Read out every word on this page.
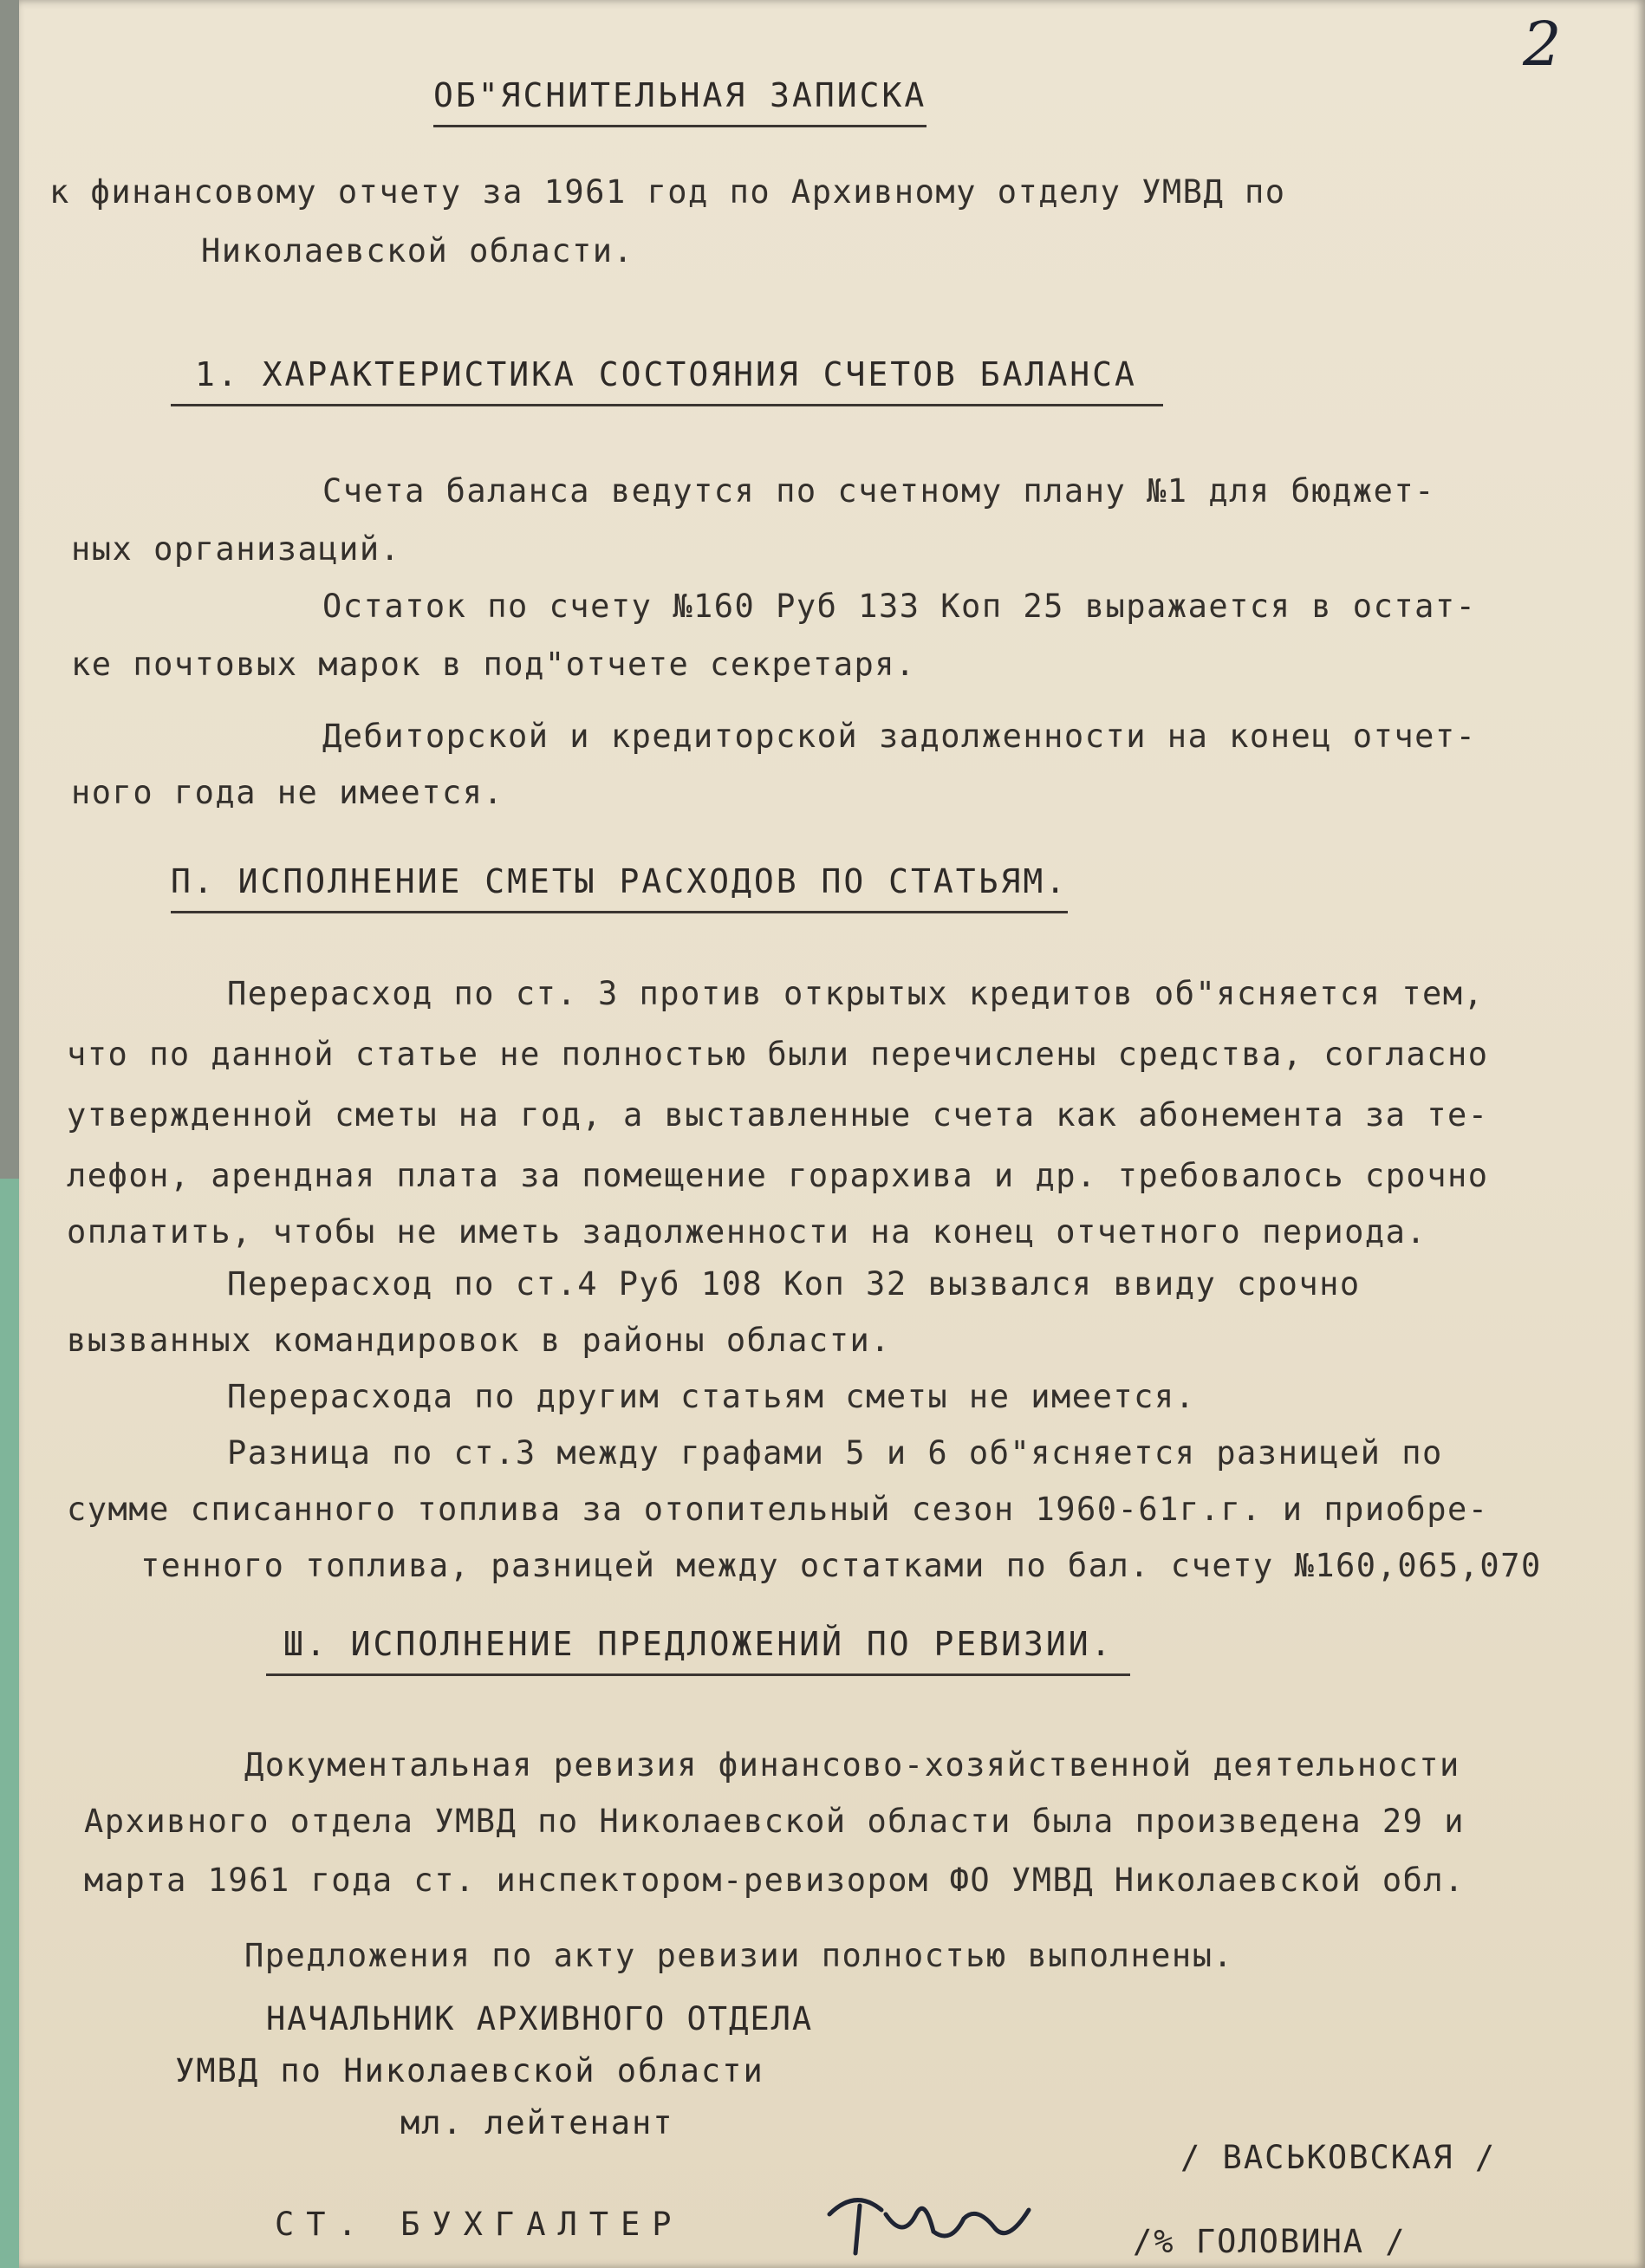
2
ОБ"ЯСНИТЕЛЬНАЯ ЗАПИСКА
к финансовому отчету за 1961 год по Архивному отделу УМВД по
Николаевской области.
1. ХАРАКТЕРИСТИКА СОСТОЯНИЯ СЧЕТОВ БАЛАНСА
Счета баланса ведутся по счетному плану №1 для бюджет-
ных организаций.
Остаток по счету №160 Руб 133 Коп 25 выражается в остат-
ке почтовых марок в под"отчете секретаря.
Дебиторской и кредиторской задолженности на конец отчет-
ного года не имеется.
П. ИСПОЛНЕНИЕ СМЕТЫ РАСХОДОВ ПО СТАТЬЯМ.
Перерасход по ст. 3 против открытых кредитов об"ясняется тем,
что по данной статье не полностью были перечислены средства, согласно
утвержденной сметы на год, а выставленные счета как абонемента за те-
лефон, арендная плата за помещение горархива и др. требовалось срочно
оплатить, чтобы не иметь задолженности на конец отчетного периода.
Перерасход по ст.4 Руб 108 Коп 32 вызвался ввиду срочно
вызванных командировок в районы области.
Перерасхода по другим статьям сметы не имеется.
Разница по ст.3 между графами 5 и 6 об"ясняется разницей по
сумме списанного топлива за отопительный сезон 1960-61г.г. и приобре-
тенного топлива, разницей между остатками по бал. счету №160,065,070
Ш. ИСПОЛНЕНИЕ ПРЕДЛОЖЕНИЙ ПО РЕВИЗИИ.
Документальная ревизия финансово-хозяйственной деятельности
Архивного отдела УМВД по Николаевской области была произведена 29 и
марта 1961 года ст. инспектором-ревизором ФО УМВД Николаевской обл.
Предложения по акту ревизии полностью выполнены.
НАЧАЛЬНИК АРХИВНОГО ОТДЕЛА
УМВД по Николаевской области
мл. лейтенант
/ ВАСЬКОВСКАЯ /
СТ. БУХГАЛТЕР	/% ГОЛОВИНА /
